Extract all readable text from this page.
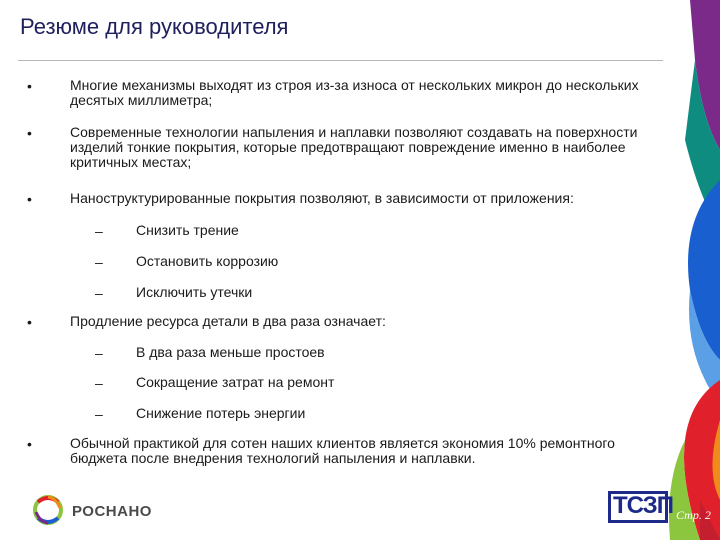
Резюме для руководителя
•	Многие механизмы выходят из строя из-за износа от нескольких микрон до нескольких десятых миллиметра;
•	Современные технологии напыления и наплавки позволяют создавать на поверхности изделий тонкие покрытия, которые предотвращают повреждение именно в наиболее критичных местах;
•	Наноструктурированные покрытия позволяют, в зависимости от приложения:
– Снизить трение
– Остановить коррозию
– Исключить утечки
•	Продление ресурса детали в два раза означает:
– В два раза меньше простоев
– Сокращение затрат на ремонт
– Снижение потерь энергии
•	Обычной практикой для сотен наших клиентов является экономия 10% ремонтного бюджета после внедрения технологий напыления и наплавки.
РОСНАНО	ТСЗП Стр. 2
